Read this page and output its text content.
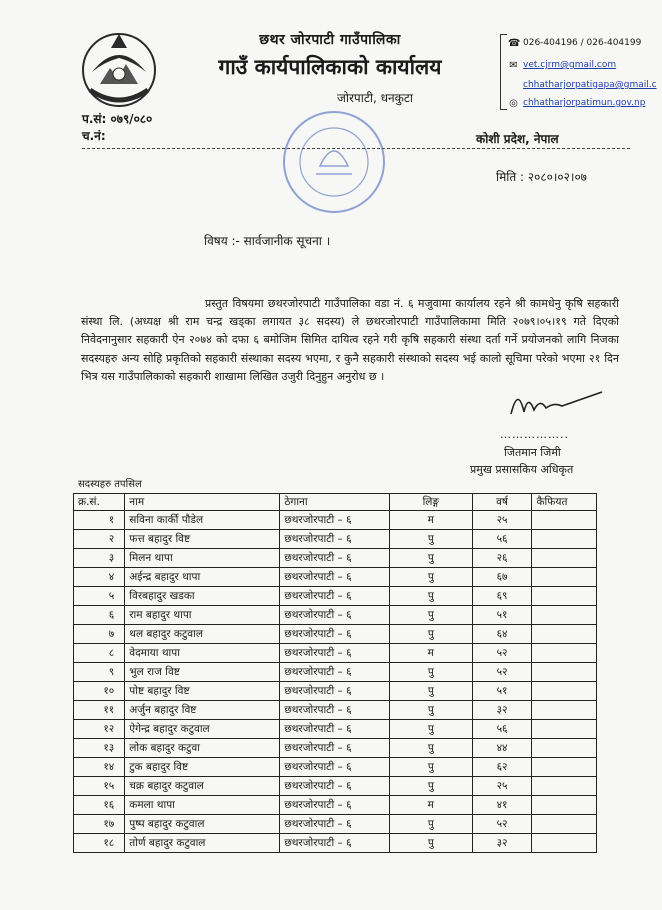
छथर जोरपाटी गाउँपालिका
गाउँ कार्यपालिकाको कार्यालय
जोरपाटी, धनकुटा
☎ 026-404196 / 026-404199
✉ vet.cjrm@gmail.com
chhatharjorpatigapa@gmail.c
◎ chhatharjorpatimun.gov.np
प.सं: ०७९/०८०
च.नं:	कोशी प्रदेश, नेपाल
मिति : २०८०।०२।०७
विषय :- सार्वजानीक सूचना ।
प्रस्तुत विषयमा छथरजोरपाटी गाउँपालिका वडा नं. ६ मजुवामा कार्यालय रहने श्री कामधेनु कृषि सहकारी संस्था लि. (अध्यक्ष श्री राम चन्द्र खड्का लगायत ३८ सदस्य) ले छथरजोरपाटी गाउँपालिकामा मिति २०७९।०५।१९ गते दिएको निवेदनानुसार सहकारी ऐन २०७४ को दफा ६ बमोजिम सिमित दायित्व रहने गरी कृषि सहकारी संस्था दर्ता गर्ने प्रयोजनको लागि निजका सदस्यहरु अन्य सोहि प्रकृतिको सहकारी संस्थाका सदस्य भएमा, र कुनै सहकारी संस्थाको सदस्य भई कालो सूचिमा परेको भएमा २१ दिन भित्र यस गाउँपालिकाको सहकारी शाखामा लिखित उजुरी दिनुहुन अनुरोध छ ।
……………..
जितमान जिमी
प्रमुख प्रसासकिय अधिकृत
सदस्यहरु तपसिल
क्र.सं.	नाम	ठेगाना	लिङ्ग	वर्ष	कैफियत
१	सविना कार्की पौडेल	छथरजोरपाटी – ६	म	२५	
२	फत्त बहादुर विष्ट	छथरजोरपाटी – ६	पु	५६	
३	मिलन थापा	छथरजोरपाटी – ६	पु	२६	
४	अईन्द्र बहादुर थापा	छथरजोरपाटी – ६	पु	६७	
५	विरबहादुर खडका	छथरजोरपाटी – ६	पु	६९	
६	राम बहादुर थापा	छथरजोरपाटी – ६	पु	५१	
७	थल बहादुर कटुवाल	छथरजोरपाटी – ६	पु	६४	
८	वेदमाया थापा	छथरजोरपाटी – ६	म	५२	
९	भुल राज विष्ट	छथरजोरपाटी – ६	पु	५२	
१०	पोष्ट बहादुर विष्ट	छथरजोरपाटी – ६	पु	५१	
११	अर्जुन बहादुर विष्ट	छथरजोरपाटी – ६	पु	३२	
१२	ऐगेन्द्र बहादुर कटुवाल	छथरजोरपाटी – ६	पु	५६	
१३	लोक बहादुर कटुवा	छथरजोरपाटी – ६	पु	४४	
१४	टुक बहादुर विष्ट	छथरजोरपाटी – ६	पु	६२	
१५	चक्र बहादुर कटुवाल	छथरजोरपाटी – ६	पु	२५	
१६	कमला थापा	छथरजोरपाटी – ६	म	४१	
१७	पुष्प बहादुर कटुवाल	छथरजोरपाटी – ६	पु	५२	
१८	तोर्ण बहादुर कटुवाल	छथरजोरपाटी – ६	पु	३२	
